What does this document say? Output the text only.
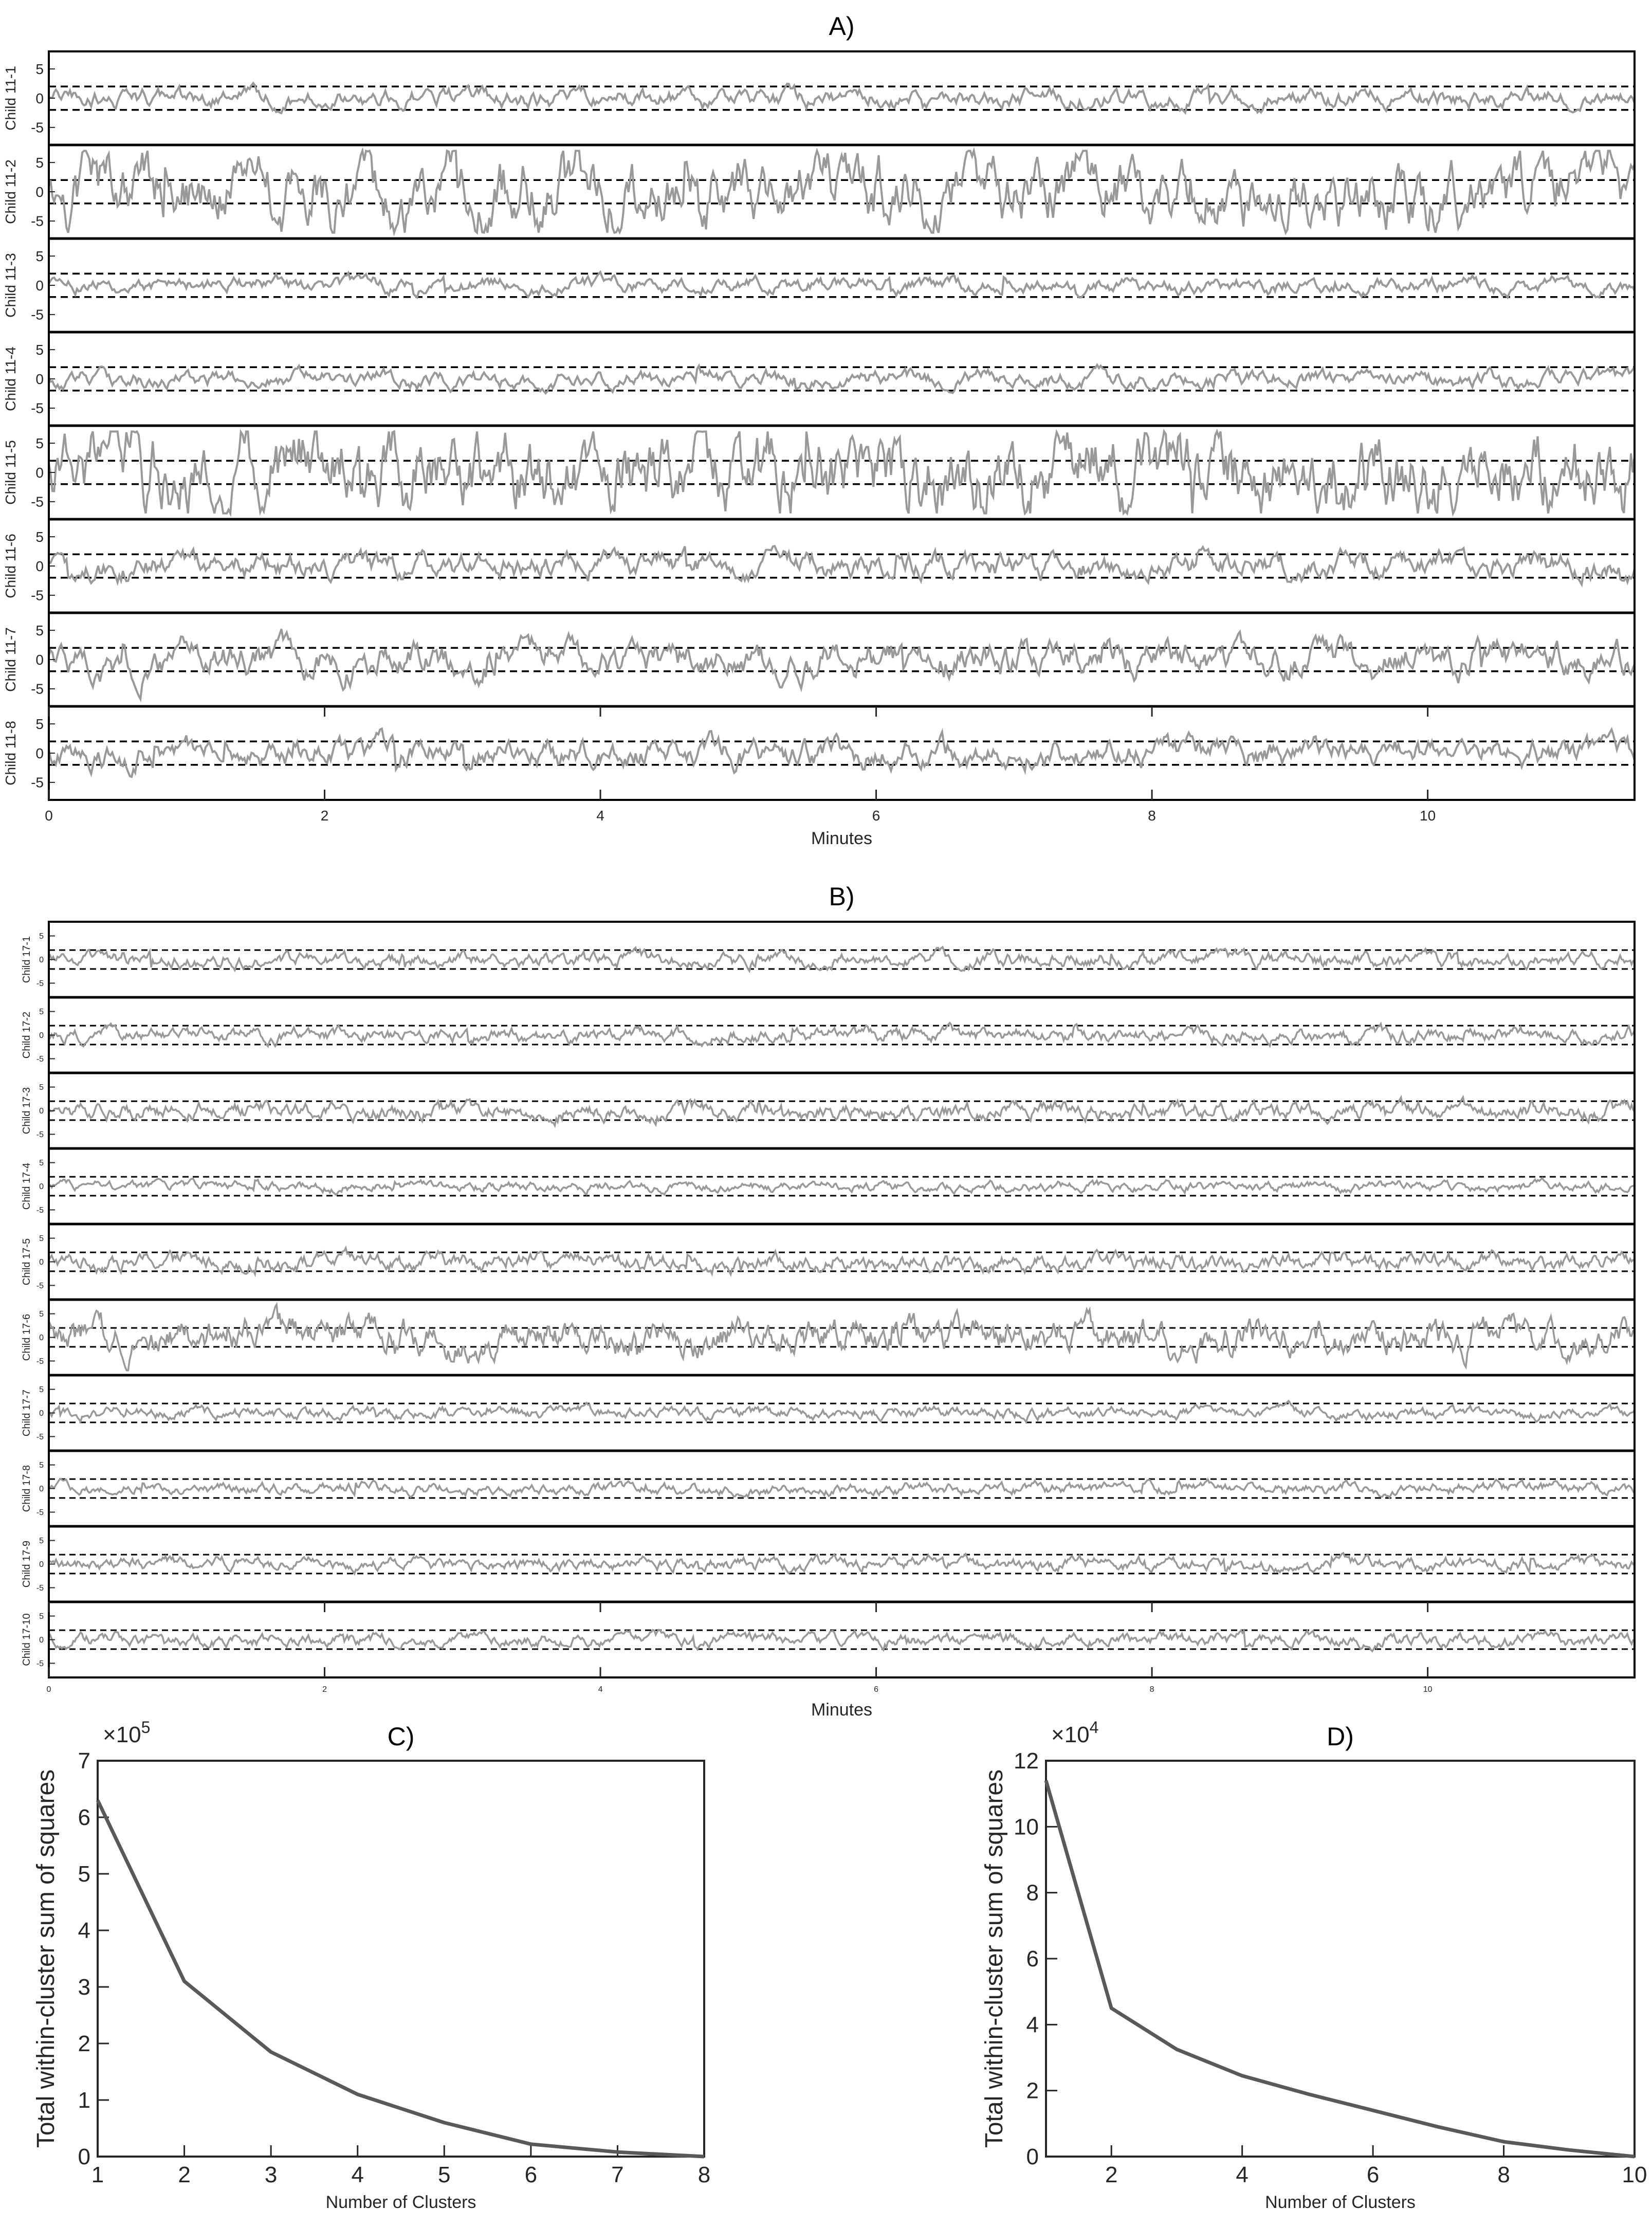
A)
5
0
-5
Child 11-1
5
0
-5
Child 11-2
5
0
-5
Child 11-3
5
0
-5
Child 11-4
5
0
-5
Child 11-5
5
0
-5
Child 11-6
5
0
-5
Child 11-7
5
0
-5
Child 11-8
0	2	4	6	8	10
Minutes
B)
5
0
-5
Child 17-1
5
0
-5
Child 17-2
5
0
-5
Child 17-3
5
0
-5
Child 17-4
5
0
-5
Child 17-5
5
0
-5
Child 17-6
5
0
-5
Child 17-7
5
0
-5
Child 17-8
5
0
-5
Child 17-9
5
0
-5
Child 17-10
0	2	4	6	8	10
Minutes
C)
1	2	3	4	5	6	7	8
0
1
2
3
4
5
6
7
$\times 10^5$
Number of Clusters
Total within-cluster sum of squares
D)
2	4	6	8	10
0
2
4
6
8
10
12
$\times 10^4$
Number of Clusters
Total within-cluster sum of squares
